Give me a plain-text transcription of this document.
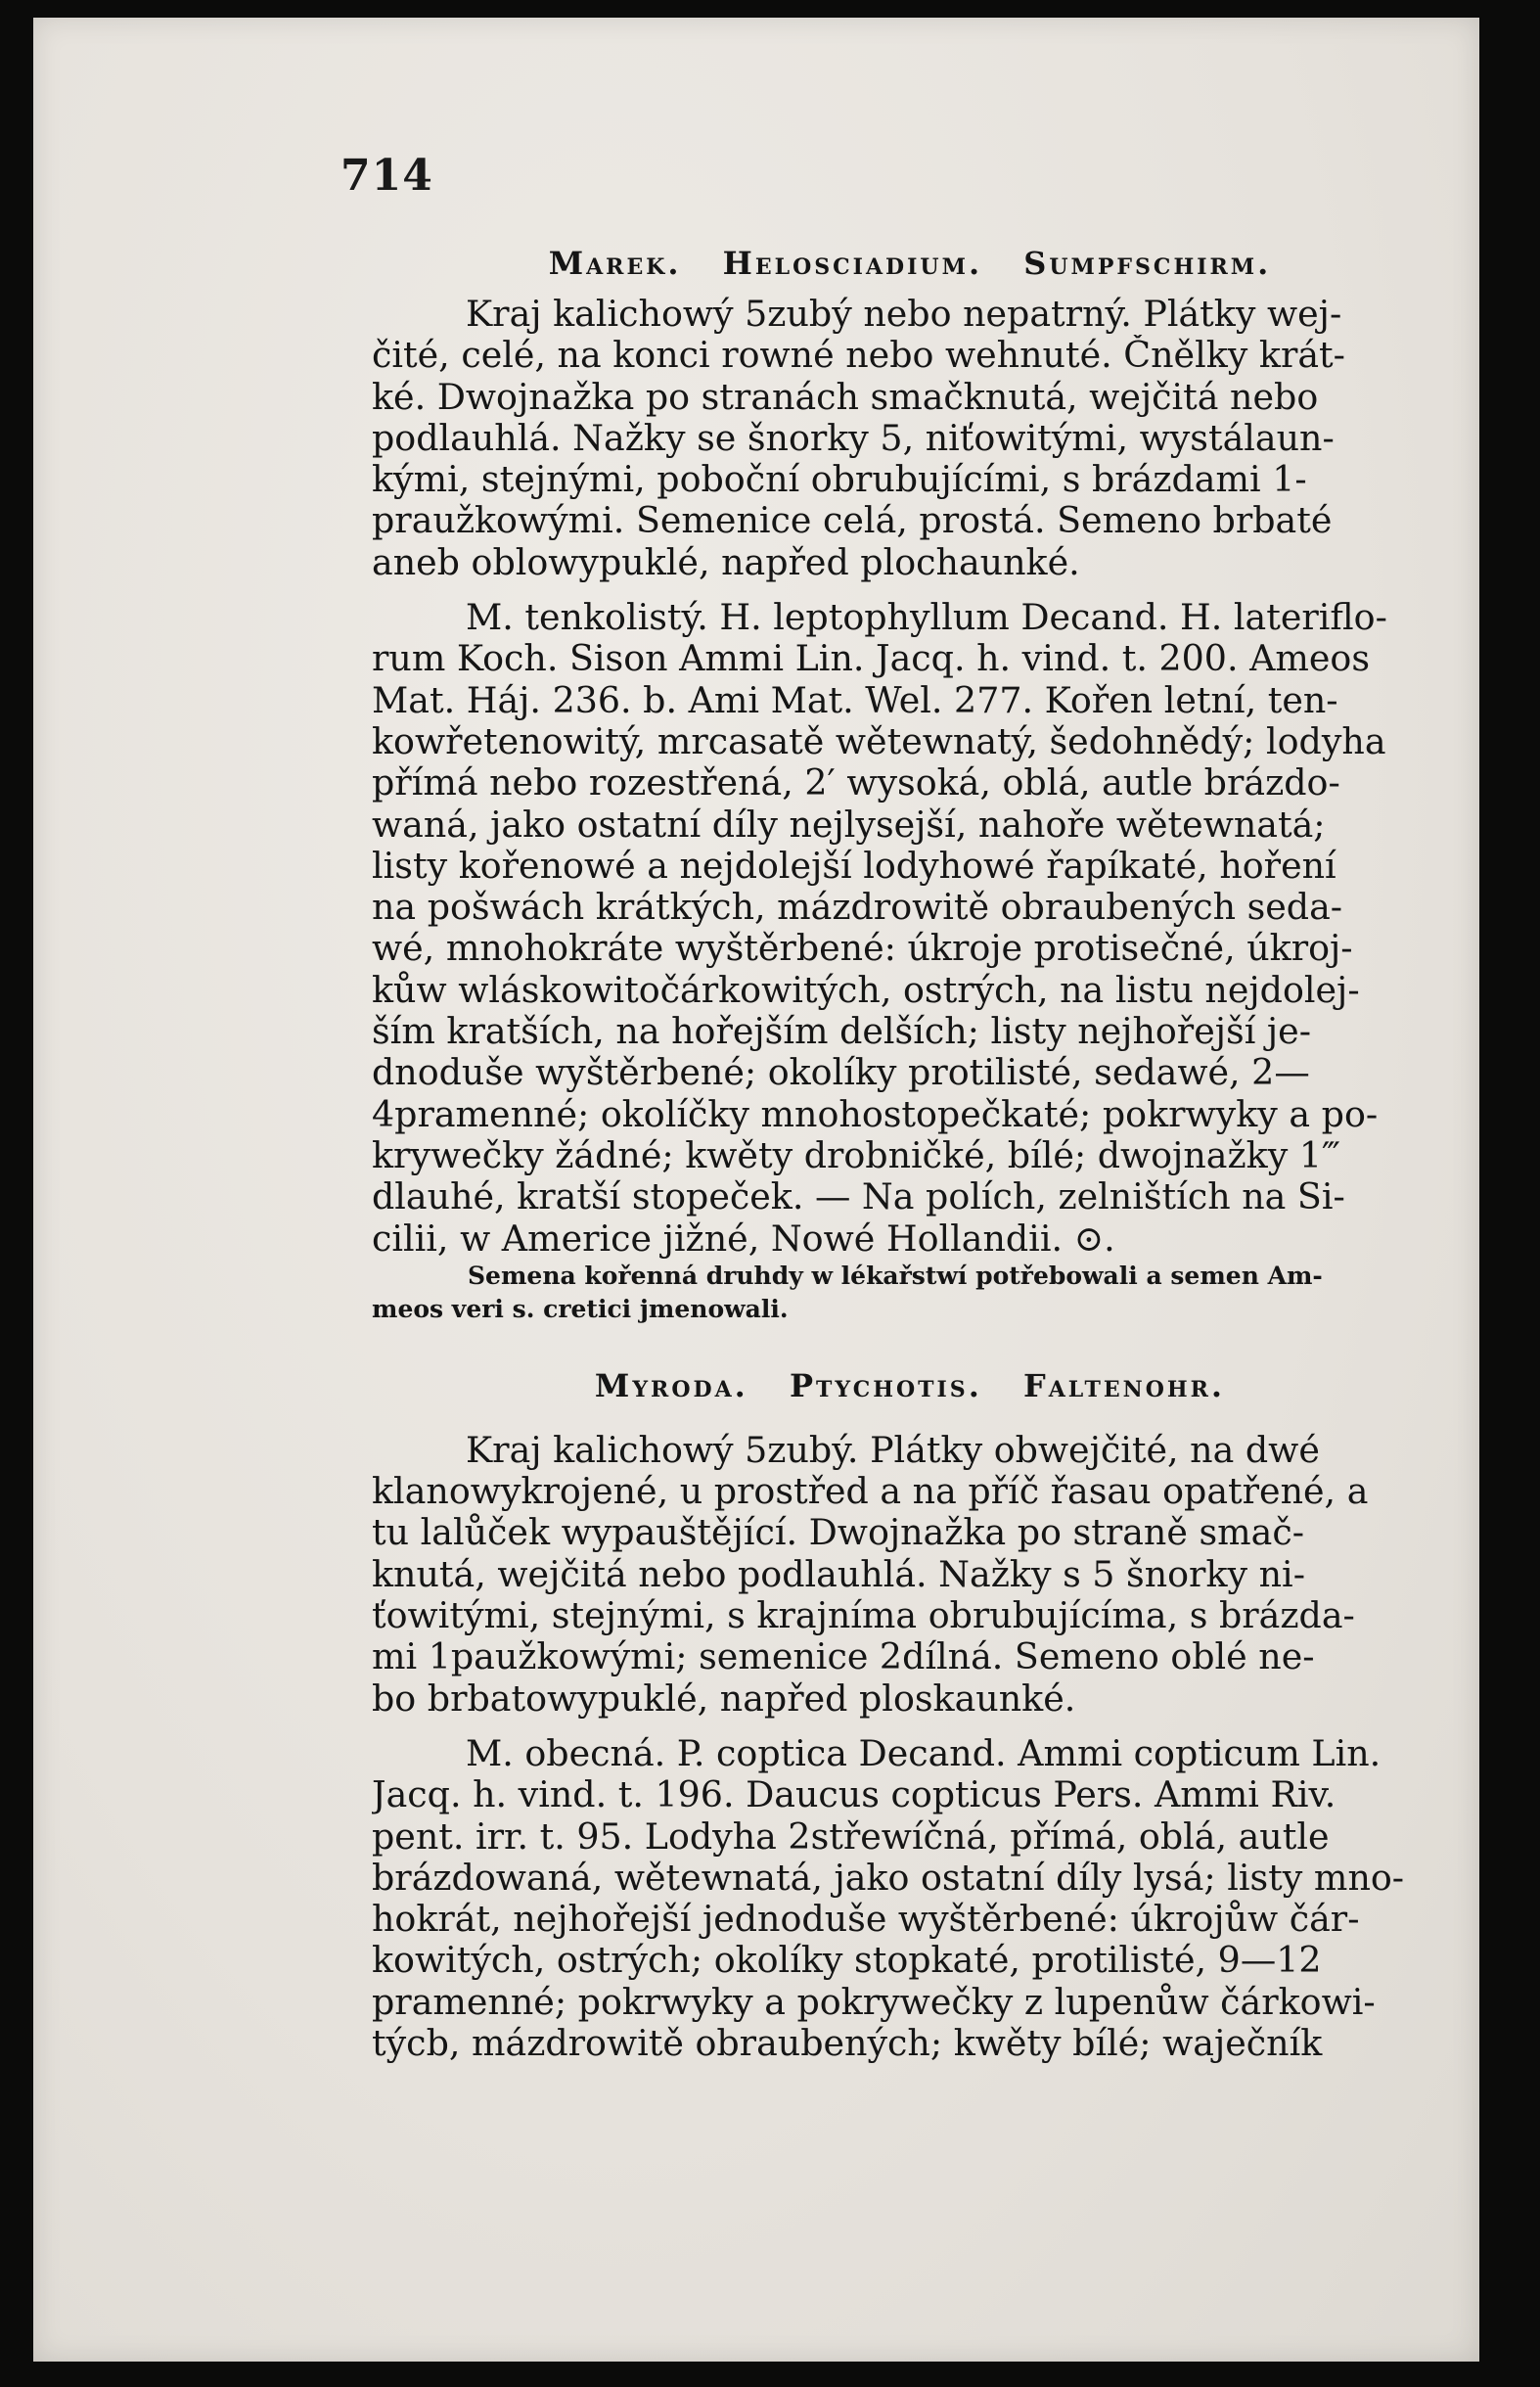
714
Marek. Helosciadium. Sumpfschirm.
Kraj kalichowý 5zubý nebo nepatrný. Plátky wej-
čité, celé, na konci rowné nebo wehnuté. Čnělky krát-
ké. Dwojnažka po stranách smačknutá, wejčitá nebo
podlauhlá. Nažky se šnorky 5, niťowitými, wystálaun-
kými, stejnými, poboční obrubujícími, s brázdami 1-
praužkowými. Semenice celá, prostá. Semeno brbaté
aneb oblowypuklé, napřed plochaunké.
M. tenkolistý. H. leptophyllum Decand. H. lateriflo-
rum Koch. Sison Ammi Lin. Jacq. h. vind. t. 200. Ameos
Mat. Háj. 236. b. Ami Mat. Wel. 277. Kořen letní, ten-
kowřetenowitý, mrcasatě wětewnatý, šedohnědý; lodyha
přímá nebo rozestřená, 2′ wysoká, oblá, autle brázdo-
waná, jako ostatní díly nejlysejší, nahoře wětewnatá;
listy kořenowé a nejdolejší lodyhowé řapíkaté, hoření
na pošwách krátkých, mázdrowitě obraubených seda-
wé, mnohokráte wyštěrbené: úkroje protisečné, úkroj-
kůw wláskowitočárkowitých, ostrých, na listu nejdolej-
ším kratších, na hořejším delších; listy nejhořejší je-
dnoduše wyštěrbené; okolíky protilisté, sedawé, 2—
4pramenné; okolíčky mnohostopečkaté; pokrwyky a po-
krywečky žádné; kwěty drobničké, bílé; dwojnažky 1‴
dlauhé, kratší stopeček. — Na polích, zelništích na Si-
cilii, w Americe jižné, Nowé Hollandii. ⊙.
Semena kořenná druhdy w lékařstwí potřebowali a semen Am-
meos veri s. cretici jmenowali.
Myroda. Ptychotis. Faltenohr.
Kraj kalichowý 5zubý. Plátky obwejčité, na dwé
klanowykrojené, u prostřed a na příč řasau opatřené, a
tu lalůček wypauštějící. Dwojnažka po straně smač-
knutá, wejčitá nebo podlauhlá. Nažky s 5 šnorky ni-
ťowitými, stejnými, s krajníma obrubujícíma, s brázda-
mi 1paužkowými; semenice 2dílná. Semeno oblé ne-
bo brbatowypuklé, napřed ploskaunké.
M. obecná. P. coptica Decand. Ammi copticum Lin.
Jacq. h. vind. t. 196. Daucus copticus Pers. Ammi Riv.
pent. irr. t. 95. Lodyha 2střewíčná, přímá, oblá, autle
brázdowaná, wětewnatá, jako ostatní díly lysá; listy mno-
hokrát, nejhořejší jednoduše wyštěrbené: úkrojůw čár-
kowitých, ostrých; okolíky stopkaté, protilisté, 9—12
pramenné; pokrwyky a pokrywečky z lupenůw čárkowi-
týcb, mázdrowitě obraubených; kwěty bílé; waječník
